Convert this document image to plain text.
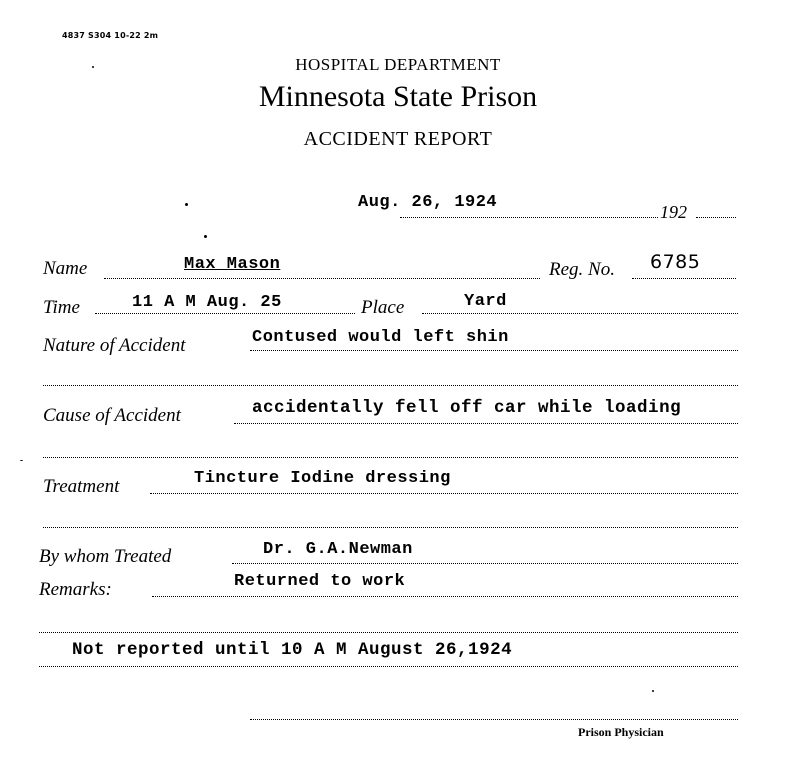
4837 S304 10-22 2m
HOSPITAL DEPARTMENT
Minnesota State Prison
ACCIDENT REPORT
Aug. 26, 1924	192
Name	Max Mason	Reg. No. 6785
Time	11 A M Aug. 25	Place	Yard
Nature of Accident	Contused would left shin
Cause of Accident	accidentally fell off car while loading
Treatment	Tincture Iodine dressing
By whom Treated	Dr. G.A.Newman
Remarks:	Returned to work
Not reported until 10 A M August 26,1924
Prison Physician
